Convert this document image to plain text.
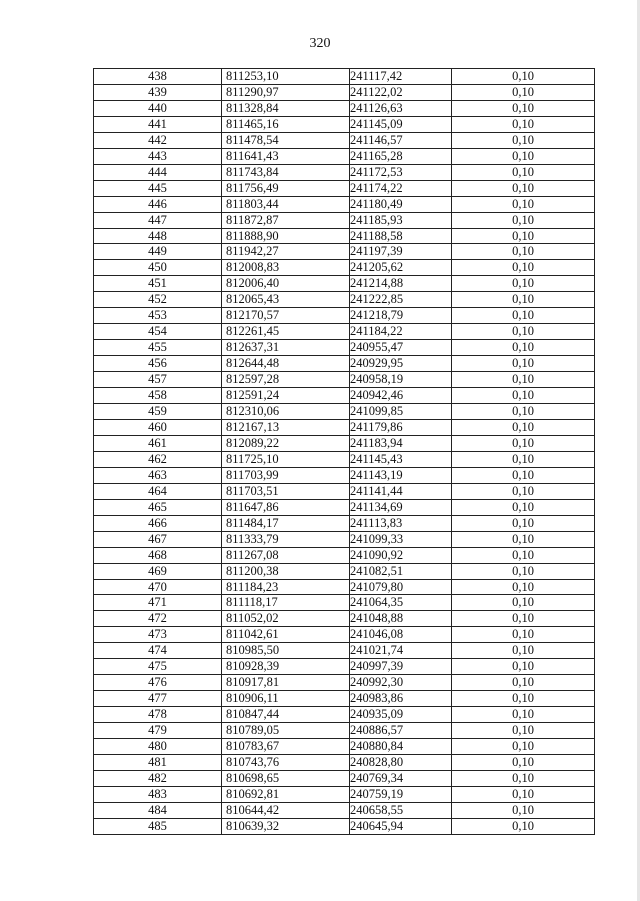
320
438	811253,10	241117,42	0,10
439	811290,97	241122,02	0,10
440	811328,84	241126,63	0,10
441	811465,16	241145,09	0,10
442	811478,54	241146,57	0,10
443	811641,43	241165,28	0,10
444	811743,84	241172,53	0,10
445	811756,49	241174,22	0,10
446	811803,44	241180,49	0,10
447	811872,87	241185,93	0,10
448	811888,90	241188,58	0,10
449	811942,27	241197,39	0,10
450	812008,83	241205,62	0,10
451	812006,40	241214,88	0,10
452	812065,43	241222,85	0,10
453	812170,57	241218,79	0,10
454	812261,45	241184,22	0,10
455	812637,31	240955,47	0,10
456	812644,48	240929,95	0,10
457	812597,28	240958,19	0,10
458	812591,24	240942,46	0,10
459	812310,06	241099,85	0,10
460	812167,13	241179,86	0,10
461	812089,22	241183,94	0,10
462	811725,10	241145,43	0,10
463	811703,99	241143,19	0,10
464	811703,51	241141,44	0,10
465	811647,86	241134,69	0,10
466	811484,17	241113,83	0,10
467	811333,79	241099,33	0,10
468	811267,08	241090,92	0,10
469	811200,38	241082,51	0,10
470	811184,23	241079,80	0,10
471	811118,17	241064,35	0,10
472	811052,02	241048,88	0,10
473	811042,61	241046,08	0,10
474	810985,50	241021,74	0,10
475	810928,39	240997,39	0,10
476	810917,81	240992,30	0,10
477	810906,11	240983,86	0,10
478	810847,44	240935,09	0,10
479	810789,05	240886,57	0,10
480	810783,67	240880,84	0,10
481	810743,76	240828,80	0,10
482	810698,65	240769,34	0,10
483	810692,81	240759,19	0,10
484	810644,42	240658,55	0,10
485	810639,32	240645,94	0,10
